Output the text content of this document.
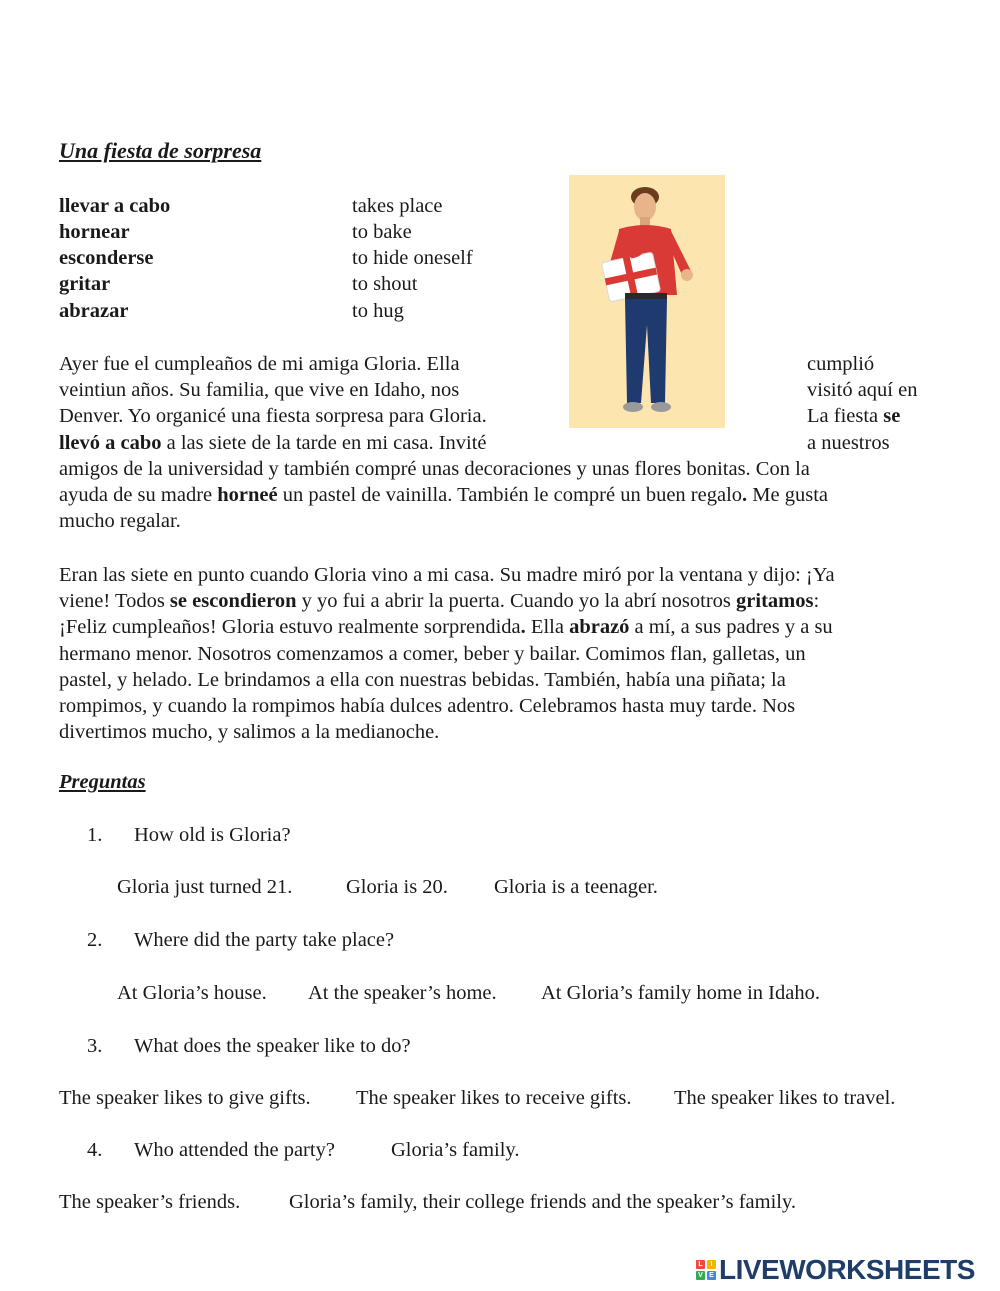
Una fiesta de sorpresa
llevar a cabo	takes place
hornear	to bake
esconderse	to hide oneself
gritar	to shout
abrazar	to hug
Ayer fue el cumpleaños de mi amiga Gloria. Ella
veintiun años. Su familia, que vive en Idaho, nos
Denver. Yo organicé una fiesta sorpresa para Gloria.
llevó a cabo a las siete de la tarde en mi casa. Invité
amigos de la universidad y también compré unas decoraciones y unas flores bonitas. Con la
ayuda de su madre horneé un pastel de vainilla. También le compré un buen regalo. Me gusta
mucho regalar.
cumplió
visitó aquí en
La fiesta se
a nuestros
Eran las siete en punto cuando Gloria vino a mi casa. Su madre miró por la ventana y dijo: ¡Ya
viene! Todos se escondieron y yo fui a abrir la puerta. Cuando yo la abrí nosotros gritamos:
¡Feliz cumpleaños! Gloria estuvo realmente sorprendida. Ella abrazó a mí, a sus padres y a su
hermano menor. Nosotros comenzamos a comer, beber y bailar. Comimos flan, galletas, un
pastel, y helado. Le brindamos a ella con nuestras bebidas. También, había una piñata; la
rompimos, y cuando la rompimos había dulces adentro. Celebramos hasta muy tarde. Nos
divertimos mucho, y salimos a la medianoche.
Preguntas
1. How old is Gloria?
Gloria just turned 21.	Gloria is 20. Gloria is a teenager.
2. Where did the party take place?
At Gloria’s house. At the speaker’s home. At Gloria’s family home in Idaho.
3. What does the speaker like to do?
The speaker likes to give gifts. The speaker likes to receive gifts. The speaker likes to travel.
4. Who attended the party?	Gloria’s family.
The speaker’s friends. Gloria’s family, their college friends and the speaker’s family.
L	I
V E LIVEWORKSHEETS
